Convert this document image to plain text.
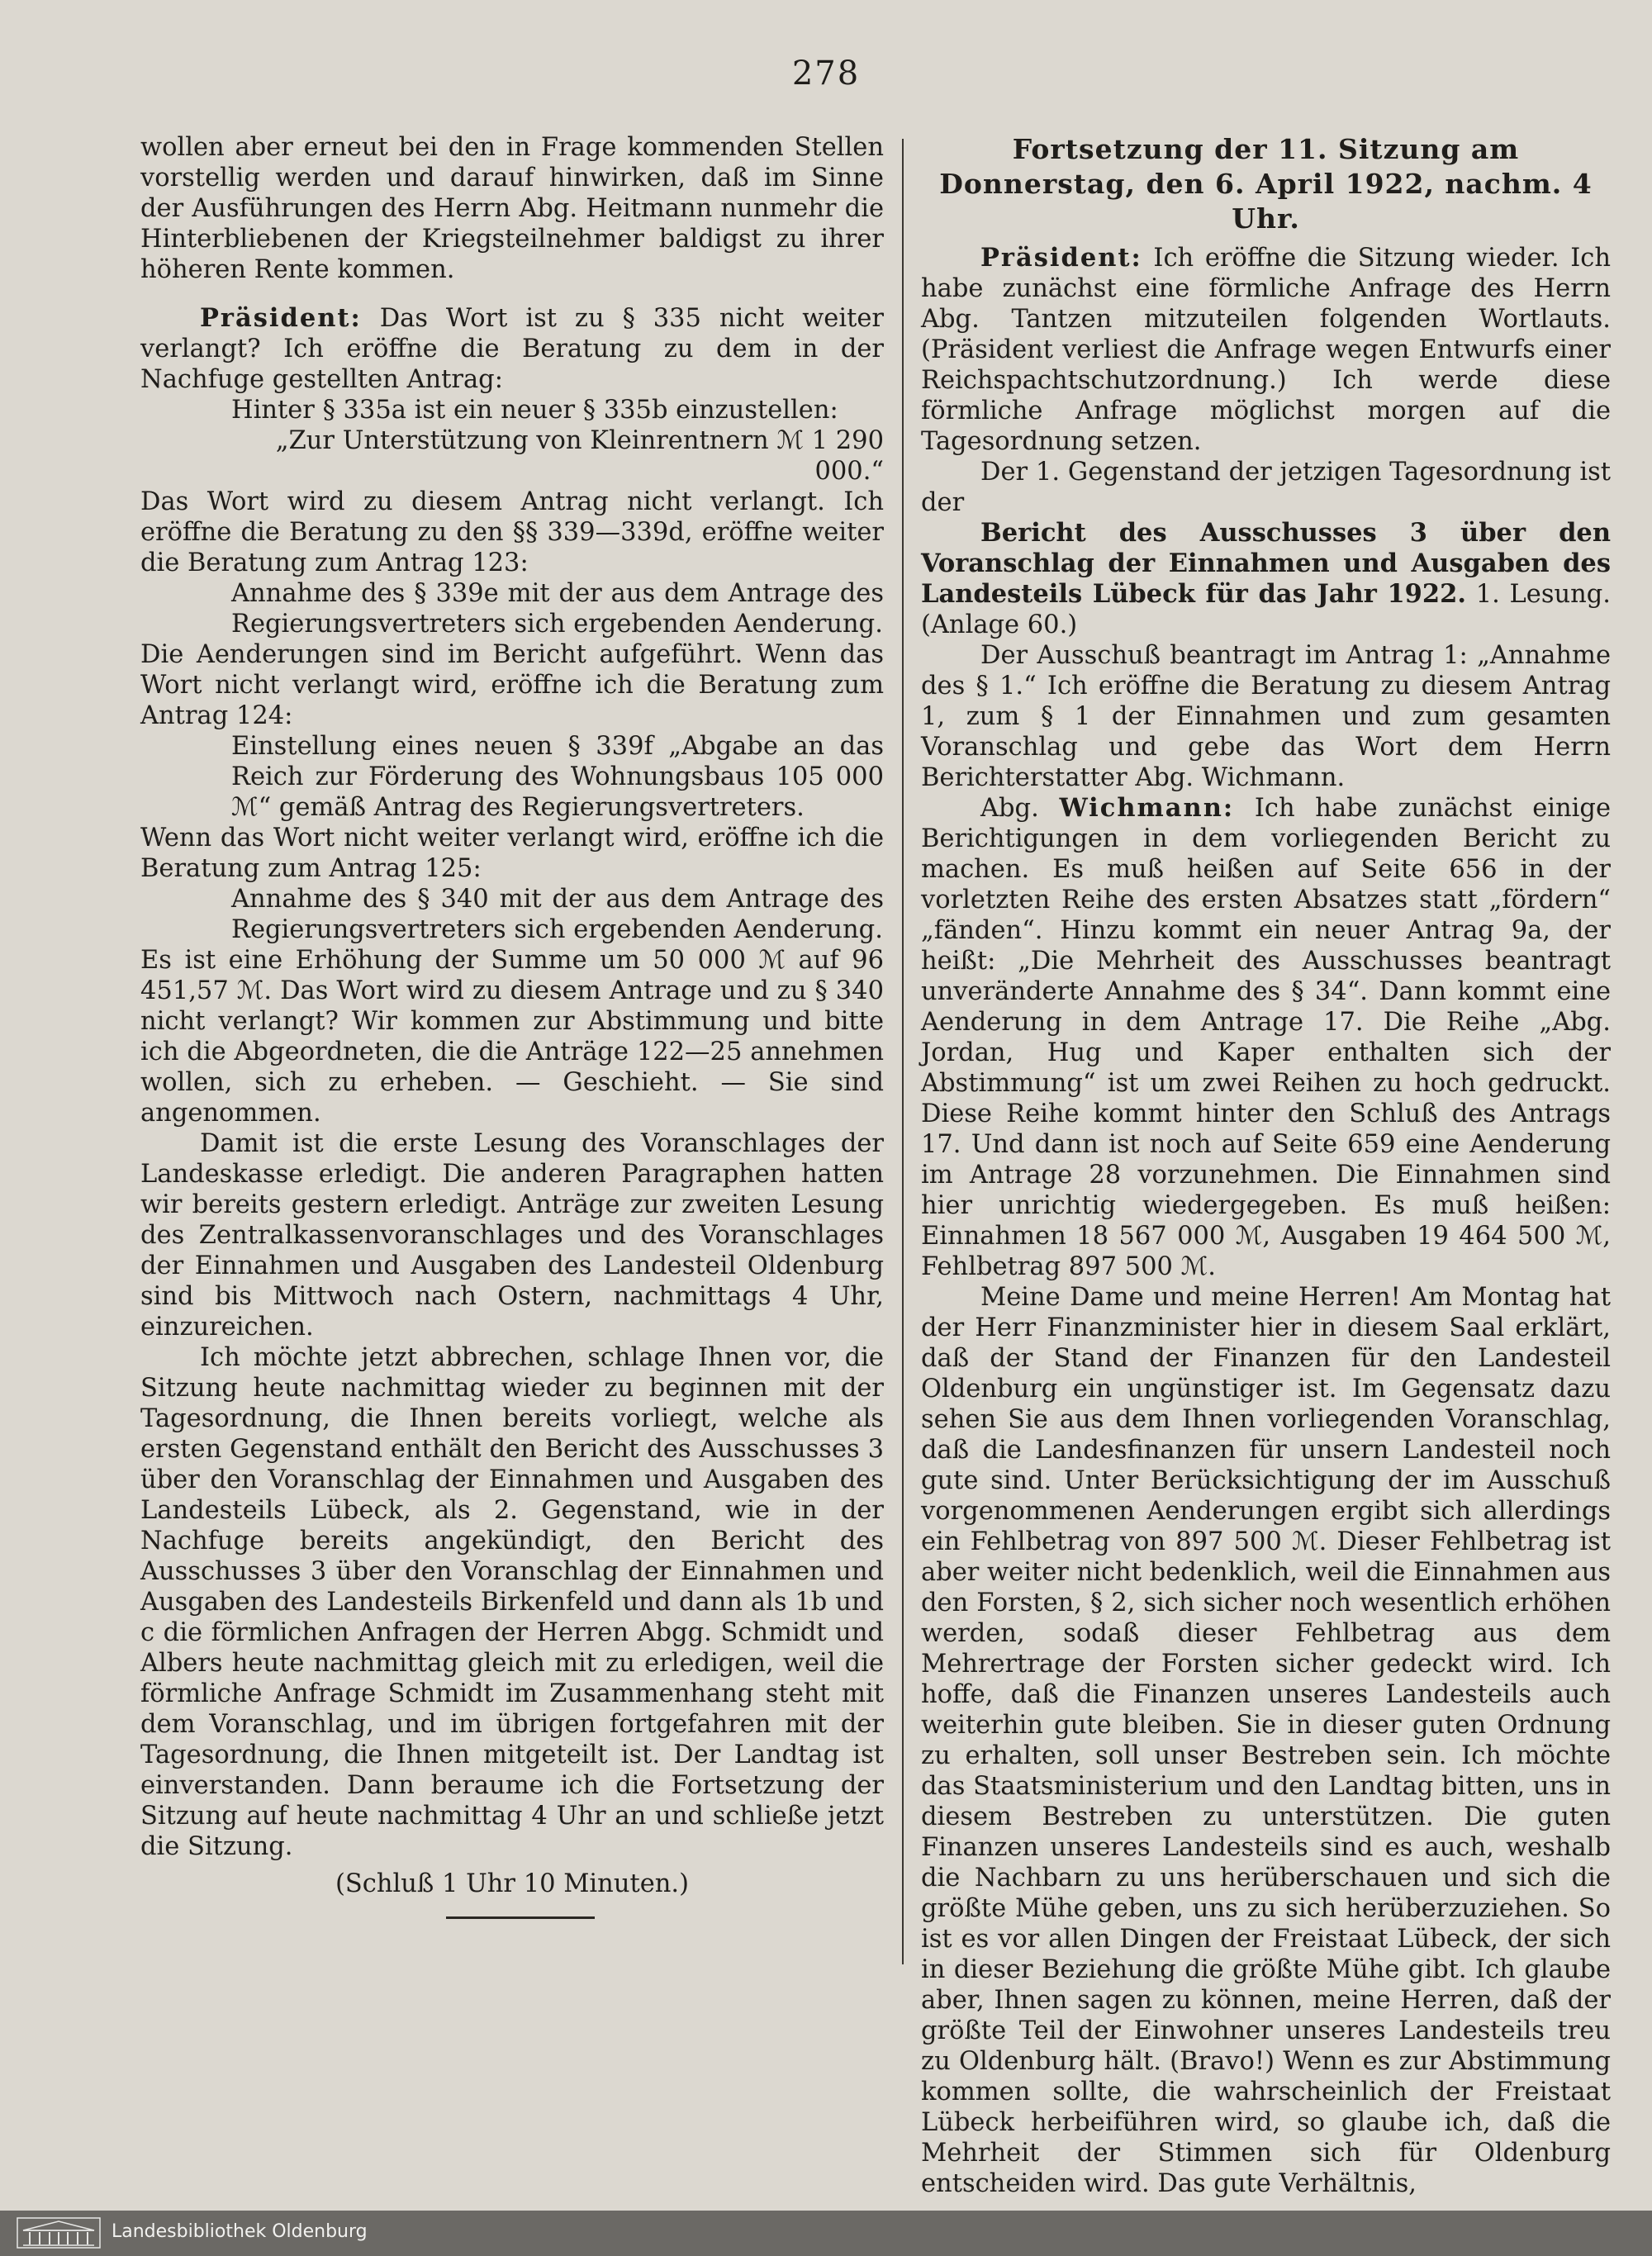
278

wollen aber erneut bei den in Frage kommenden Stellen vorstellig werden und darauf hinwirken, daß im Sinne der Ausführungen des Herrn Abg. Heitmann nunmehr die Hinterbliebenen der Kriegsteilnehmer baldigst zu ihrer höheren Rente kommen.

Präsident: Das Wort ist zu § 335 nicht weiter verlangt? Ich eröffne die Beratung zu dem in der Nachfuge gestellten Antrag:

Hinter § 335a ist ein neuer § 335b einzustellen:

„Zur Unterstützung von Kleinrentnern ℳ 1 290 000.“

Das Wort wird zu diesem Antrag nicht verlangt. Ich eröffne die Beratung zu den §§ 339—339d, eröffne weiter die Beratung zum Antrag 123:

Annahme des § 339e mit der aus dem Antrage des Regierungsvertreters sich ergebenden Aenderung.

Die Aenderungen sind im Bericht aufgeführt. Wenn das Wort nicht verlangt wird, eröffne ich die Beratung zum Antrag 124:

Einstellung eines neuen § 339f „Abgabe an das Reich zur Förderung des Wohnungsbaus 105 000 ℳ“ gemäß Antrag des Regierungsvertreters.

Wenn das Wort nicht weiter verlangt wird, eröffne ich die Beratung zum Antrag 125:

Annahme des § 340 mit der aus dem Antrage des Regierungsvertreters sich ergebenden Aenderung.

Es ist eine Erhöhung der Summe um 50 000 ℳ auf 96 451,57 ℳ. Das Wort wird zu diesem Antrage und zu § 340 nicht verlangt? Wir kommen zur Abstimmung und bitte ich die Abgeordneten, die die Anträge 122—25 annehmen wollen, sich zu erheben. — Geschieht. — Sie sind angenommen.

Damit ist die erste Lesung des Voranschlages der Landeskasse erledigt. Die anderen Paragraphen hatten wir bereits gestern erledigt. Anträge zur zweiten Lesung des Zentralkassenvoranschlages und des Voranschlages der Einnahmen und Ausgaben des Landesteil Oldenburg sind bis Mittwoch nach Ostern, nachmittags 4 Uhr, einzureichen.

Ich möchte jetzt abbrechen, schlage Ihnen vor, die Sitzung heute nachmittag wieder zu beginnen mit der Tagesordnung, die Ihnen bereits vorliegt, welche als ersten Gegenstand enthält den Bericht des Ausschusses 3 über den Voranschlag der Einnahmen und Ausgaben des Landesteils Lübeck, als 2. Gegenstand, wie in der Nachfuge bereits angekündigt, den Bericht des Ausschusses 3 über den Voranschlag der Einnahmen und Ausgaben des Landesteils Birkenfeld und dann als 1b und c die förmlichen Anfragen der Herren Abgg. Schmidt und Albers heute nachmittag gleich mit zu erledigen, weil die förmliche Anfrage Schmidt im Zusammenhang steht mit dem Voranschlag, und im übrigen fortgefahren mit der Tagesordnung, die Ihnen mitgeteilt ist. Der Landtag ist einverstanden. Dann beraume ich die Fortsetzung der Sitzung auf heute nachmittag 4 Uhr an und schließe jetzt die Sitzung.

(Schluß 1 Uhr 10 Minuten.)

Fortsetzung der 11. Sitzung am Donnerstag, den 6. April 1922, nachm. 4 Uhr.

Präsident: Ich eröffne die Sitzung wieder. Ich habe zunächst eine förmliche Anfrage des Herrn Abg. Tantzen mitzuteilen folgenden Wortlauts. (Präsident verliest die Anfrage wegen Entwurfs einer Reichspachtschutzordnung.) Ich werde diese förmliche Anfrage möglichst morgen auf die Tagesordnung setzen.

Der 1. Gegenstand der jetzigen Tagesordnung ist der

Bericht des Ausschusses 3 über den Voranschlag der Einnahmen und Ausgaben des Landesteils Lübeck für das Jahr 1922. 1. Lesung. (Anlage 60.)

Der Ausschuß beantragt im Antrag 1: „Annahme des § 1.“ Ich eröffne die Beratung zu diesem Antrag 1, zum § 1 der Einnahmen und zum gesamten Voranschlag und gebe das Wort dem Herrn Berichterstatter Abg. Wichmann.

Abg. Wichmann: Ich habe zunächst einige Berichtigungen in dem vorliegenden Bericht zu machen. Es muß heißen auf Seite 656 in der vorletzten Reihe des ersten Absatzes statt „fördern“ „fänden“. Hinzu kommt ein neuer Antrag 9a, der heißt: „Die Mehrheit des Ausschusses beantragt unveränderte Annahme des § 34“. Dann kommt eine Aenderung in dem Antrage 17. Die Reihe „Abg. Jordan, Hug und Kaper enthalten sich der Abstimmung“ ist um zwei Reihen zu hoch gedruckt. Diese Reihe kommt hinter den Schluß des Antrags 17. Und dann ist noch auf Seite 659 eine Aenderung im Antrage 28 vorzunehmen. Die Einnahmen sind hier unrichtig wiedergegeben. Es muß heißen: Einnahmen 18 567 000 ℳ, Ausgaben 19 464 500 ℳ, Fehlbetrag 897 500 ℳ.

Meine Dame und meine Herren! Am Montag hat der Herr Finanzminister hier in diesem Saal erklärt, daß der Stand der Finanzen für den Landesteil Oldenburg ein ungünstiger ist. Im Gegensatz dazu sehen Sie aus dem Ihnen vorliegenden Voranschlag, daß die Landesfinanzen für unsern Landesteil noch gute sind. Unter Berücksichtigung der im Ausschuß vorgenommenen Aenderungen ergibt sich allerdings ein Fehlbetrag von 897 500 ℳ. Dieser Fehlbetrag ist aber weiter nicht bedenklich, weil die Einnahmen aus den Forsten, § 2, sich sicher noch wesentlich erhöhen werden, sodaß dieser Fehlbetrag aus dem Mehrertrage der Forsten sicher gedeckt wird. Ich hoffe, daß die Finanzen unseres Landesteils auch weiterhin gute bleiben. Sie in dieser guten Ordnung zu erhalten, soll unser Bestreben sein. Ich möchte das Staatsministerium und den Landtag bitten, uns in diesem Bestreben zu unterstützen. Die guten Finanzen unseres Landesteils sind es auch, weshalb die Nachbarn zu uns herüberschauen und sich die größte Mühe geben, uns zu sich herüberzuziehen. So ist es vor allen Dingen der Freistaat Lübeck, der sich in dieser Beziehung die größte Mühe gibt. Ich glaube aber, Ihnen sagen zu können, meine Herren, daß der größte Teil der Einwohner unseres Landesteils treu zu Oldenburg hält. (Bravo!) Wenn es zur Abstimmung kommen sollte, die wahrscheinlich der Freistaat Lübeck herbeiführen wird, so glaube ich, daß die Mehrheit der Stimmen sich für Oldenburg entscheiden wird. Das gute Verhältnis,

Landesbibliothek Oldenburg
